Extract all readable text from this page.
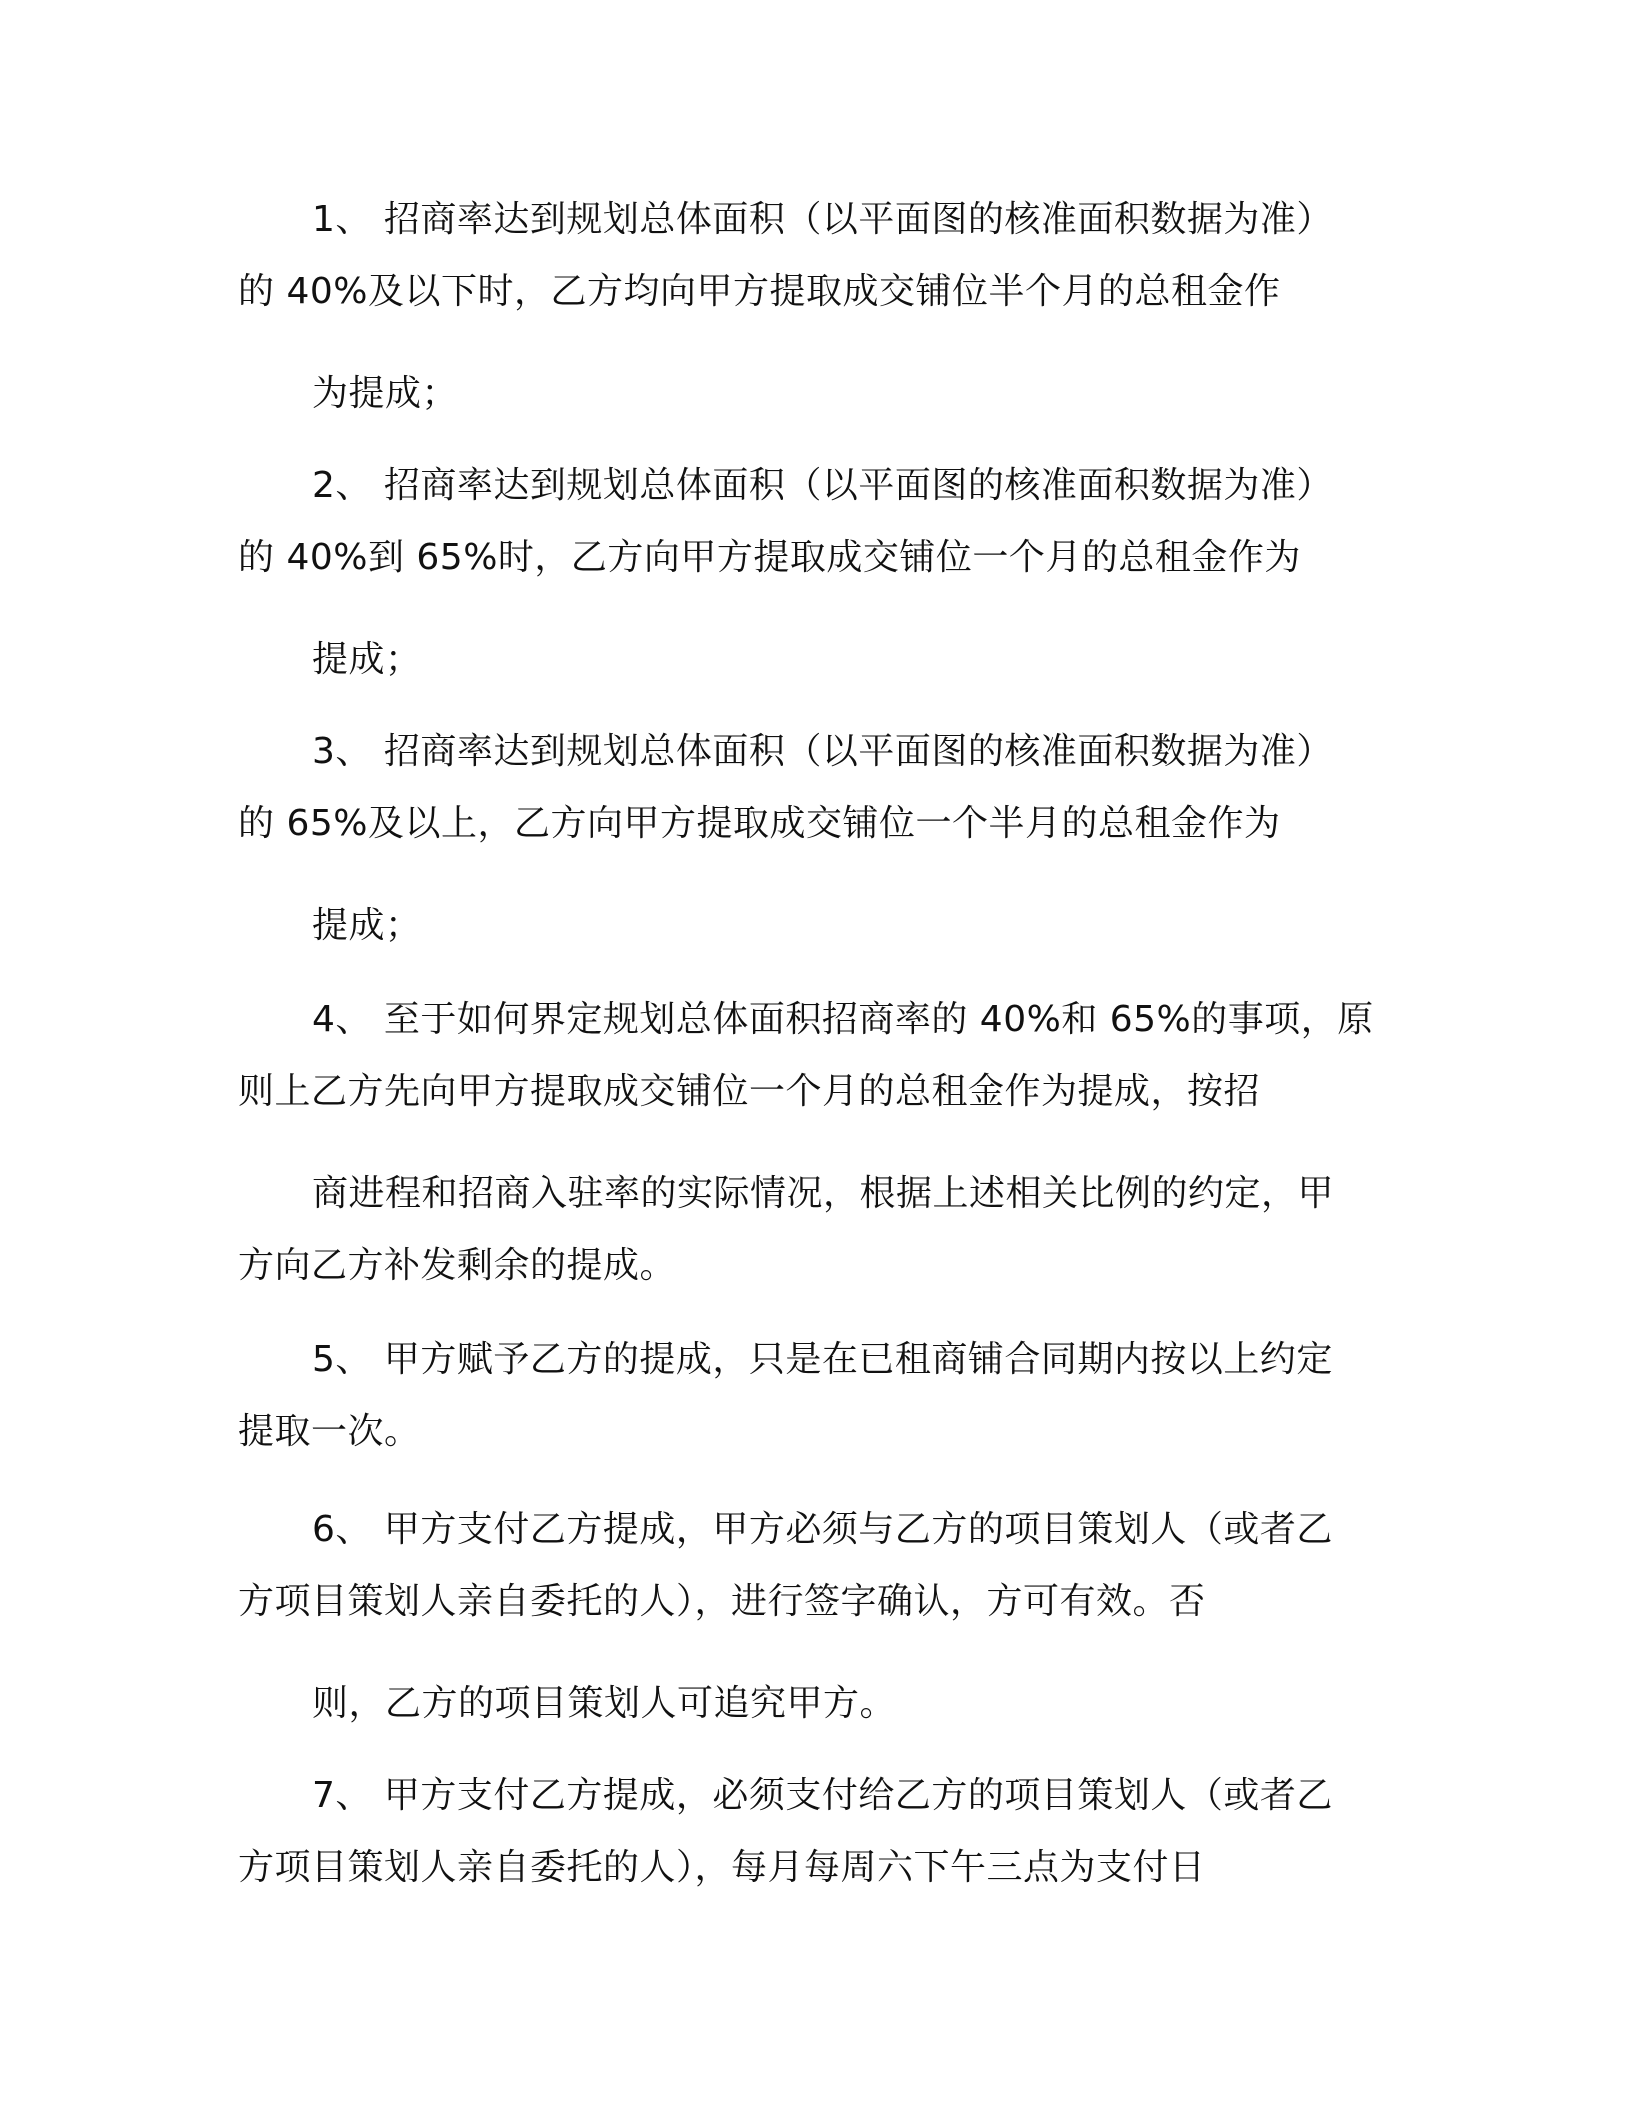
1、 招商率达到规划总体面积（以平面图的核准面积数据为准）
的 40%及以下时，乙方均向甲方提取成交铺位半个月的总租金作
为提成；
2、 招商率达到规划总体面积（以平面图的核准面积数据为准）
的 40%到 65%时，乙方向甲方提取成交铺位一个月的总租金作为
提成；
3、 招商率达到规划总体面积（以平面图的核准面积数据为准）
的 65%及以上，乙方向甲方提取成交铺位一个半月的总租金作为
提成；
4、 至于如何界定规划总体面积招商率的 40%和 65%的事项，原
则上乙方先向甲方提取成交铺位一个月的总租金作为提成，按招
商进程和招商入驻率的实际情况，根据上述相关比例的约定，甲
方向乙方补发剩余的提成。
5、 甲方赋予乙方的提成，只是在已租商铺合同期内按以上约定
提取一次。
6、 甲方支付乙方提成，甲方必须与乙方的项目策划人（或者乙
方项目策划人亲自委托的人），进行签字确认，方可有效。否
则，乙方的项目策划人可追究甲方。
7、 甲方支付乙方提成，必须支付给乙方的项目策划人（或者乙
方项目策划人亲自委托的人），每月每周六下午三点为支付日
